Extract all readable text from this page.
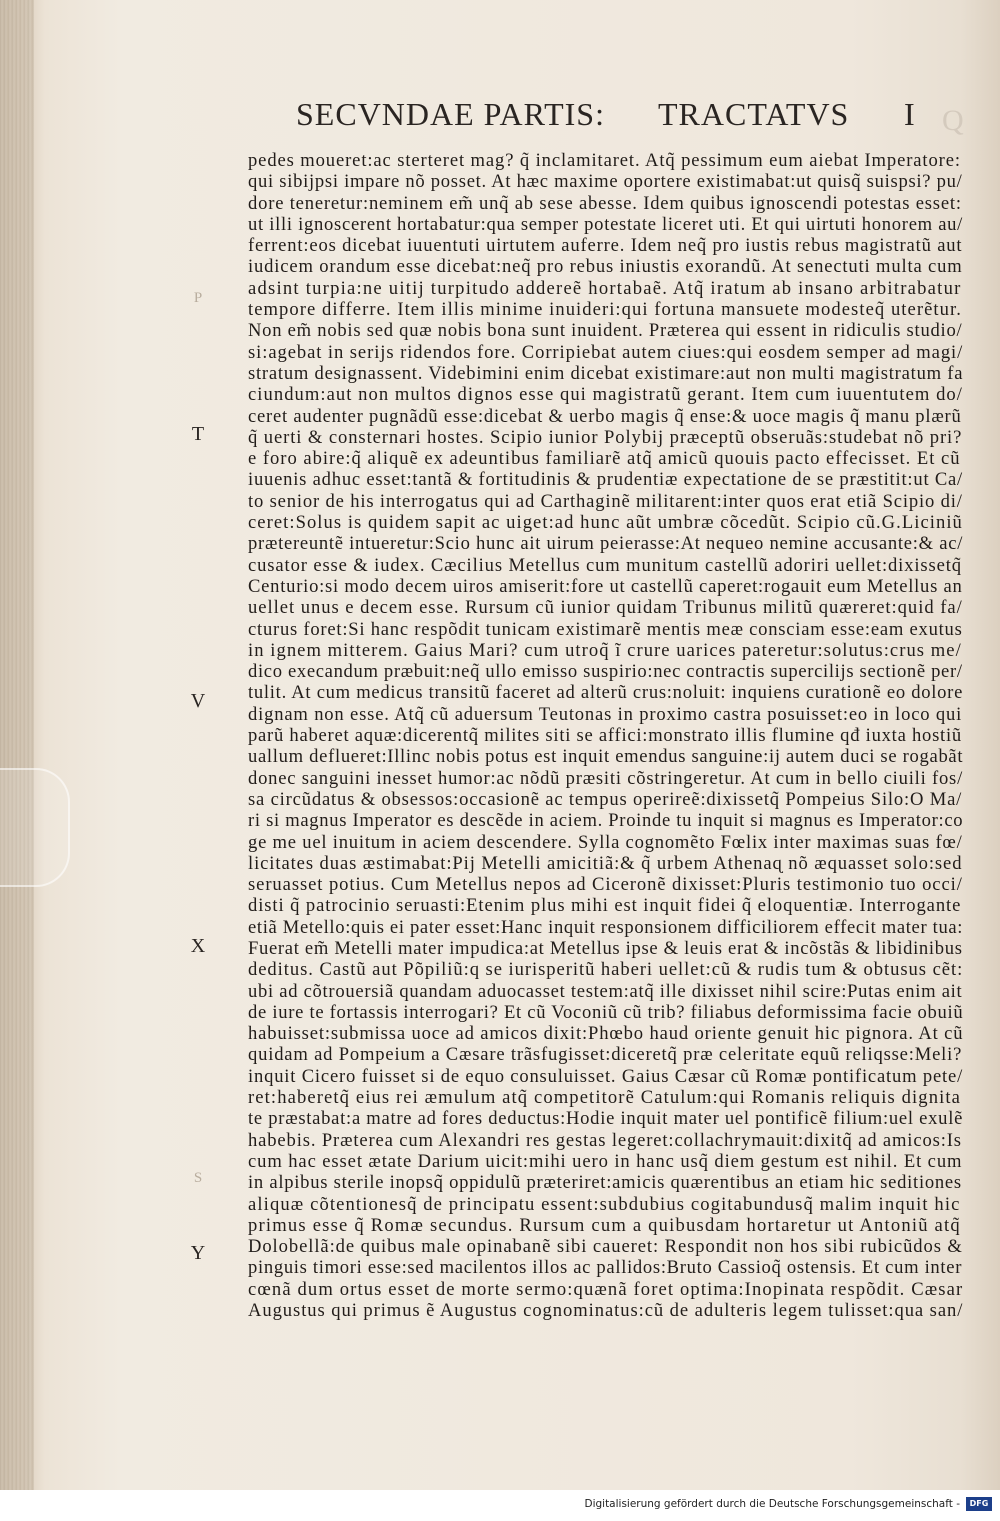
SECVNDAE PARTIS: TRACTATVS I Q
P
T
V
X
S
Y
pedes moueret:ac sterteret mag? q̃ inclamitaret. Atq̃ pessimum eum aiebat Imperatore:
qui sibijpsi impare nõ posset. At hæc maxime oportere existimabat:ut quisq̃ suispsi? pu/
dore teneretur:neminem em̃ unq̃ ab sese abesse. Idem quibus ignoscendi potestas esset:
ut illi ignoscerent hortabatur:qua semper potestate liceret uti. Et qui uirtuti honorem au/
ferrent:eos dicebat iuuentuti uirtutem auferre. Idem neq̃ pro iustis rebus magistratũ aut
iudicem orandum esse dicebat:neq̃ pro rebus iniustis exorandũ. At senectuti multa cum
adsint turpia:ne uitij turpitudo addereẽ hortabaẽ. Atq̃ iratum ab insano arbitrabatur
tempore differre. Item illis minime inuideri:qui fortuna mansuete modesteq̃ uterẽtur.
Non em̃ nobis sed quæ nobis bona sunt inuident. Præterea qui essent in ridiculis studio/
si:agebat in serijs ridendos fore. Corripiebat autem ciues:qui eosdem semper ad magi/
stratum designassent. Videbimini enim dicebat existimare:aut non multi magistratum fa
ciundum:aut non multos dignos esse qui magistratũ gerant. Item cum iuuentutem do/
ceret audenter pugnãdũ esse:dicebat & uerbo magis q̃ ense:& uoce magis q̃ manu plærũ
q̃ uerti & consternari hostes. Scipio iunior Polybij præceptũ obseruãs:studebat nõ pri?
e foro abire:q̃ aliquẽ ex adeuntibus familiarẽ atq̃ amicũ quouis pacto effecisset. Et cũ
iuuenis adhuc esset:tantã & fortitudinis & prudentiæ expectatione de se præstitit:ut Ca/
to senior de his interrogatus qui ad Carthaginẽ militarent:inter quos erat etiã Scipio di/
ceret:Solus is quidem sapit ac uiget:ad hunc aũt umbræ cõcedũt. Scipio cũ.G.Liciniũ
prætereuntẽ intueretur:Scio hunc ait uirum peierasse:At nequeo nemine accusante:& ac/
cusator esse & iudex. Cæcilius Metellus cum munitum castellũ adoriri uellet:dixissetq̃
Centurio:si modo decem uiros amiserit:fore ut castellũ caperet:rogauit eum Metellus an
uellet unus e decem esse. Rursum cũ iunior quidam Tribunus militũ quæreret:quid fa/
cturus foret:Si hanc respõdit tunicam existimarẽ mentis meæ consciam esse:eam exutus
in ignem mitterem. Gaius Mari? cum utroq̃ ĩ crure uarices pateretur:solutus:crus me/
dico execandum præbuit:neq̃ ullo emisso suspirio:nec contractis supercilijs sectionẽ per/
tulit. At cum medicus transitũ faceret ad alterũ crus:noluit: inquiens curationẽ eo dolore
dignam non esse. Atq̃ cũ aduersum Teutonas in proximo castra posuisset:eo in loco qui
parũ haberet aquæ:dicerentq̃ milites siti se affici:monstrato illis flumine qđ iuxta hostiũ
uallum deflueret:Illinc nobis potus est inquit emendus sanguine:ij autem duci se rogabãt
donec sanguini inesset humor:ac nõdũ præsiti cõstringeretur. At cum in bello ciuili fos/
sa circũdatus & obsessos:occasionẽ ac tempus operireẽ:dixissetq̃ Pompeius Silo:O Ma/
ri si magnus Imperator es descẽde in aciem. Proinde tu inquit si magnus es Imperator:co
ge me uel inuitum in aciem descendere. Sylla cognomẽto Fœlix inter maximas suas fœ/
licitates duas æstimabat:Pij Metelli amicitiã:& q̃ urbem Athenaɋ nõ æquasset solo:sed
seruasset potius. Cum Metellus nepos ad Ciceronẽ dixisset:Pluris testimonio tuo occi/
disti q̃ patrocinio seruasti:Etenim plus mihi est inquit fidei q̃ eloquentiæ. Interrogante
etiã Metello:quis ei pater esset:Hanc inquit responsionem difficiliorem effecit mater tua:
Fuerat em̃ Metelli mater impudica:at Metellus ipse & leuis erat & incõstãs & libidinibus
deditus. Castũ aut Põpiliũ:q se iurisperitũ haberi uellet:cũ & rudis tum & obtusus cẽt:
ubi ad cõtrouersiã quandam aduocasset testem:atq̃ ille dixisset nihil scire:Putas enim ait
de iure te fortassis interrogari? Et cũ Voconiũ cũ trib? filiabus deformissima facie obuiũ
habuisset:submissa uoce ad amicos dixit:Phœbo haud oriente genuit hic pignora. At cũ
quidam ad Pompeium a Cæsare trãsfugisset:diceretq̃ præ celeritate equũ reliqsse:Meli?
inquit Cicero fuisset si de equo consuluisset. Gaius Cæsar cũ Romæ pontificatum pete/
ret:haberetq̃ eius rei æmulum atq̃ competitorẽ Catulum:qui Romanis reliquis dignita
te præstabat:a matre ad fores deductus:Hodie inquit mater uel pontificẽ filium:uel exulẽ
habebis. Præterea cum Alexandri res gestas legeret:collachrymauit:dixitq̃ ad amicos:Is
cum hac esset ætate Darium uicit:mihi uero in hanc usq̃ diem gestum est nihil. Et cum
in alpibus sterile inopsq̃ oppidulũ præteriret:amicis quærentibus an etiam hic seditiones
aliquæ cõtentionesq̃ de principatu essent:subdubius cogitabundusq̃ malim inquit hic
primus esse q̃ Romæ secundus. Rursum cum a quibusdam hortaretur ut Antoniũ atq̃
Dolobellã:de quibus male opinabanẽ sibi caueret: Respondit non hos sibi rubicũdos &
pinguis timori esse:sed macilentos illos ac pallidos:Bruto Cassioq̃ ostensis. Et cum inter
cœnã dum ortus esset de morte sermo:quænã foret optima:Inopinata respõdit. Cæsar
Augustus qui primus ẽ Augustus cognominatus:cũ de adulteris legem tulisset:qua san/
Digitalisierung gefördert durch die Deutsche Forschungsgemeinschaft -	DFG
